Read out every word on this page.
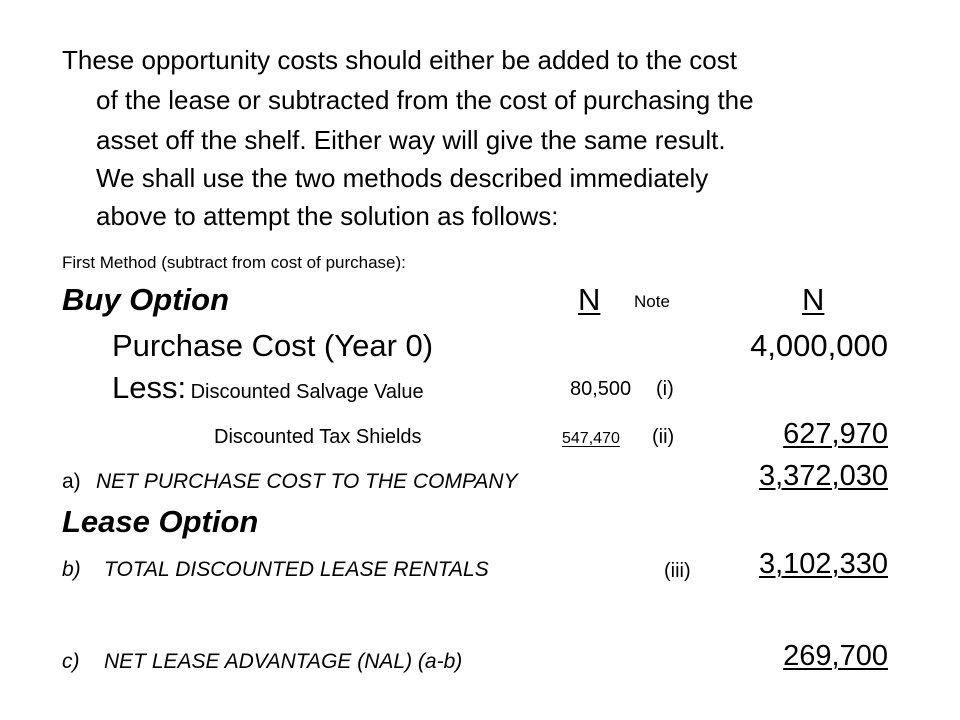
These opportunity costs should either be added to the cost
of the lease or subtracted from the cost of purchasing the
asset off the shelf. Either way will give the same result.
We shall use the two methods described immediately
above to attempt the solution as follows:
First Method (subtract from cost of purchase):
Buy Option	N Note	N
Purchase Cost (Year 0)	4,000,000
Less: Discounted Salvage Value	80,500 (i)
Discounted Tax Shields	547,470 (ii)	627,970
a) NET PURCHASE COST TO THE COMPANY	3,372,030
Lease Option
b) TOTAL DISCOUNTED LEASE RENTALS	(iii) 3,102,330
c) NET LEASE ADVANTAGE (NAL) (a-b)	269,700
